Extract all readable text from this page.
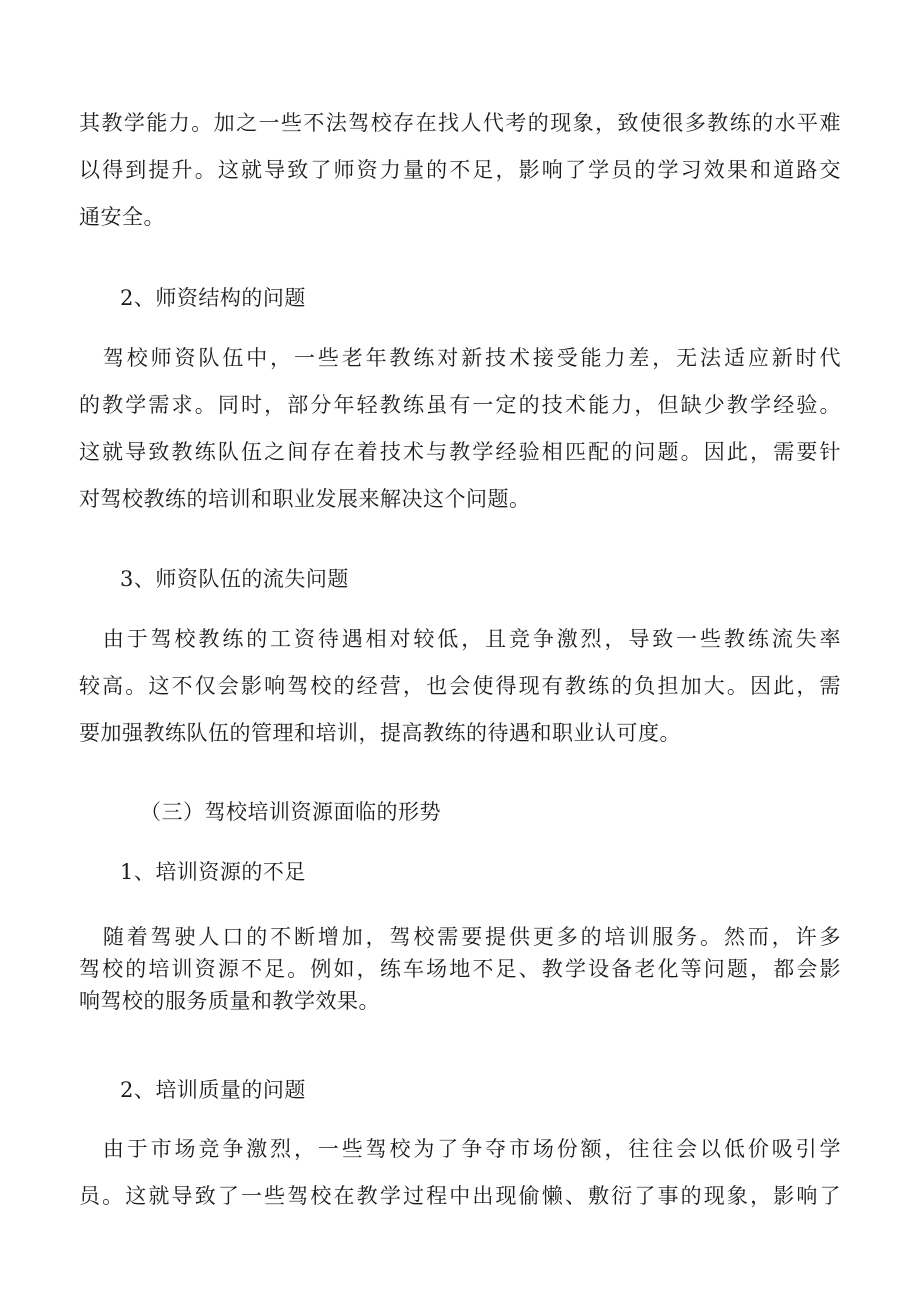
其教学能力。加之一些不法驾校存在找人代考的现象，致使很多教练的水平难
以得到提升。这就导致了师资力量的不足，影响了学员的学习效果和道路交
通安全。
2、师资结构的问题
　驾校师资队伍中，一些老年教练对新技术接受能力差，无法适应新时代
的教学需求。同时，部分年轻教练虽有一定的技术能力，但缺少教学经验。
这就导致教练队伍之间存在着技术与教学经验相匹配的问题。因此，需要针
对驾校教练的培训和职业发展来解决这个问题。
3、师资队伍的流失问题
　由于驾校教练的工资待遇相对较低，且竞争激烈，导致一些教练流失率
较高。这不仅会影响驾校的经营，也会使得现有教练的负担加大。因此，需
要加强教练队伍的管理和培训，提高教练的待遇和职业认可度。
（三）驾校培训资源面临的形势
1、培训资源的不足
　随着驾驶人口的不断增加，驾校需要提供更多的培训服务。然而，许多
驾校的培训资源不足。例如，练车场地不足、教学设备老化等问题，都会影
响驾校的服务质量和教学效果。
2、培训质量的问题
　由于市场竞争激烈，一些驾校为了争夺市场份额，往往会以低价吸引学
员。这就导致了一些驾校在教学过程中出现偷懒、敷衍了事的现象，影响了
